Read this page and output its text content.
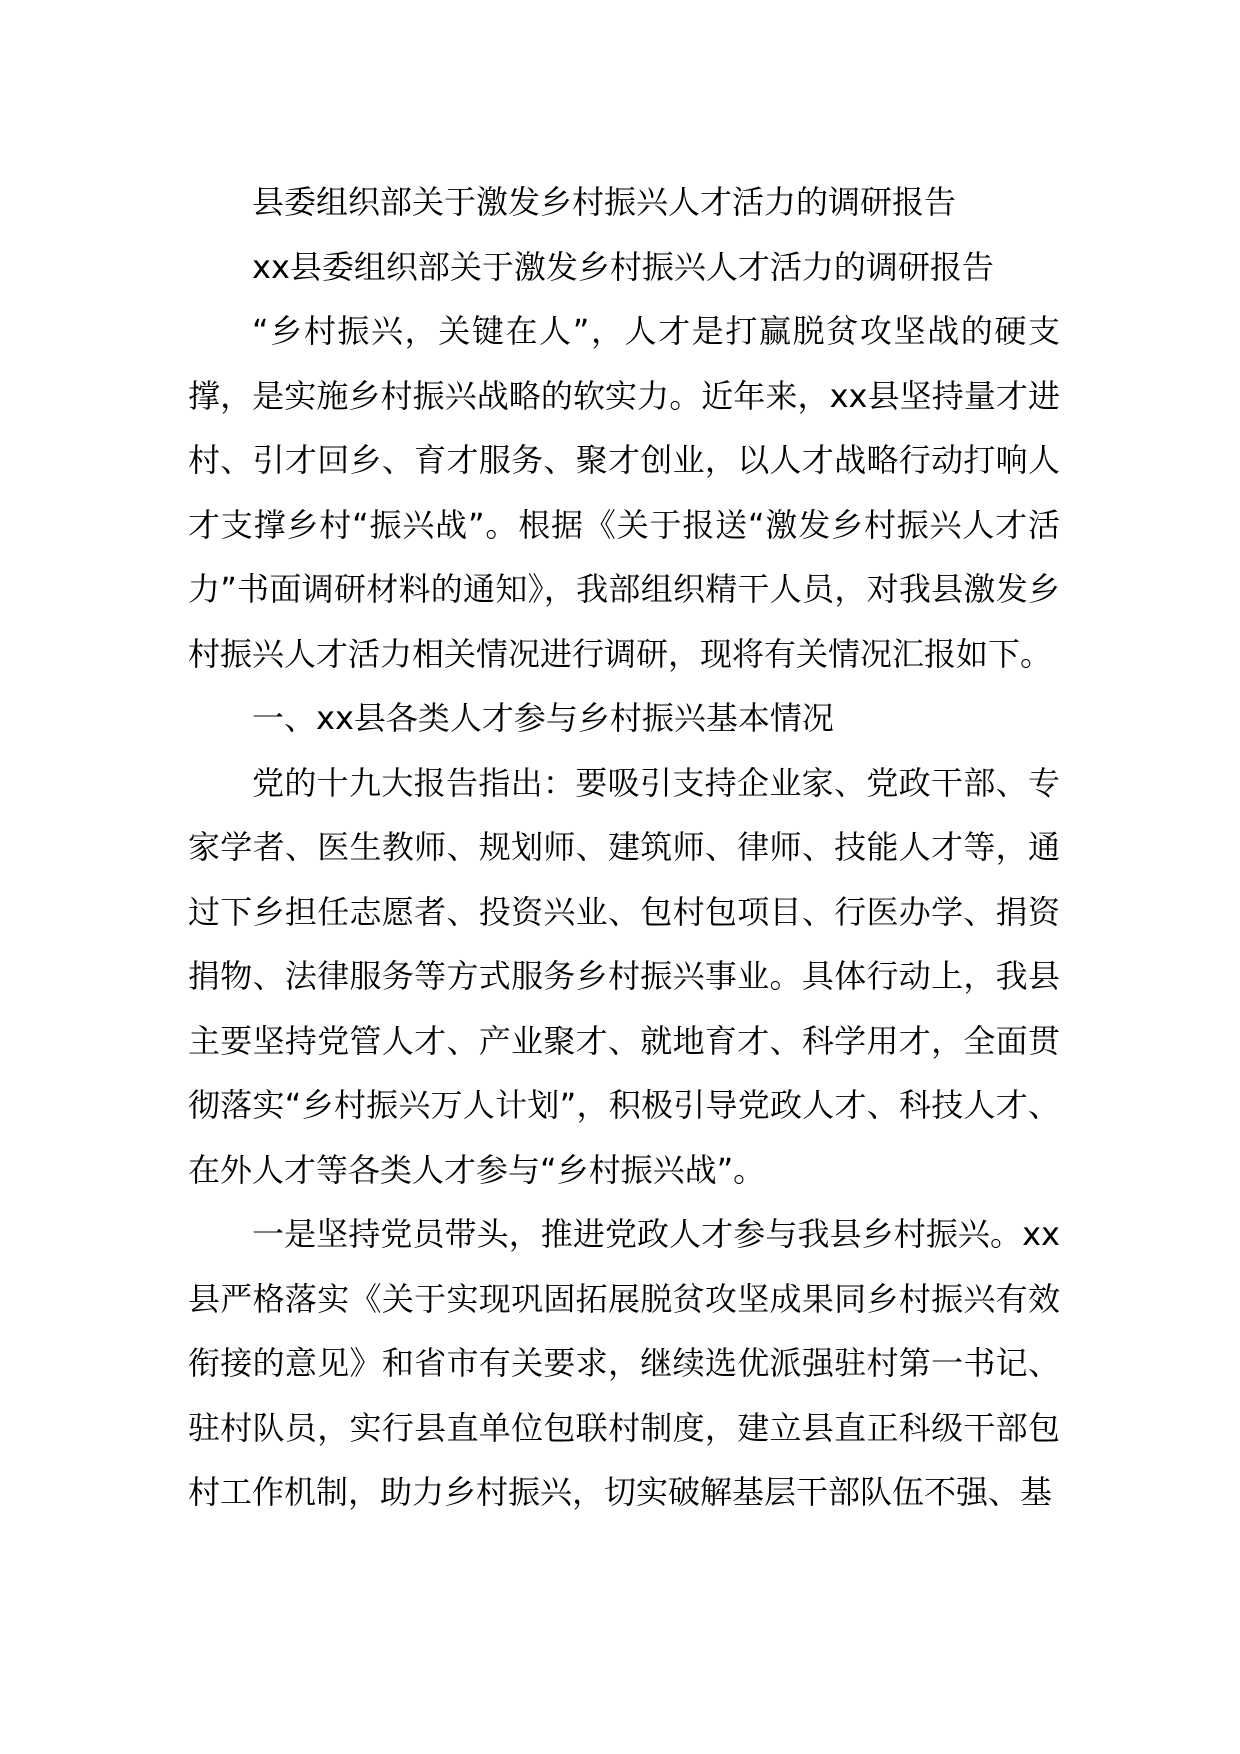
县委组织部关于激发乡村振兴人才活力的调研报告

xx县委组织部关于激发乡村振兴人才活力的调研报告

“乡村振兴，关键在人”，人才是打赢脱贫攻坚战的硬支撑，是实施乡村振兴战略的软实力。近年来，xx县坚持量才进村、引才回乡、育才服务、聚才创业，以人才战略行动打响人才支撑乡村“振兴战”。根据《关于报送“激发乡村振兴人才活力”书面调研材料的通知》，我部组织精干人员，对我县激发乡村振兴人才活力相关情况进行调研，现将有关情况汇报如下。

一、xx县各类人才参与乡村振兴基本情况

党的十九大报告指出：要吸引支持企业家、党政干部、专家学者、医生教师、规划师、建筑师、律师、技能人才等，通过下乡担任志愿者、投资兴业、包村包项目、行医办学、捐资捐物、法律服务等方式服务乡村振兴事业。具体行动上，我县主要坚持党管人才、产业聚才、就地育才、科学用才，全面贯彻落实“乡村振兴万人计划”，积极引导党政人才、科技人才、在外人才等各类人才参与“乡村振兴战”。

一是坚持党员带头，推进党政人才参与我县乡村振兴。xx县严格落实《关于实现巩固拓展脱贫攻坚成果同乡村振兴有效衔接的意见》和省市有关要求，继续选优派强驻村第一书记、驻村队员，实行县直单位包联村制度，建立县直正科级干部包村工作机制，助力乡村振兴，切实破解基层干部队伍不强、基
